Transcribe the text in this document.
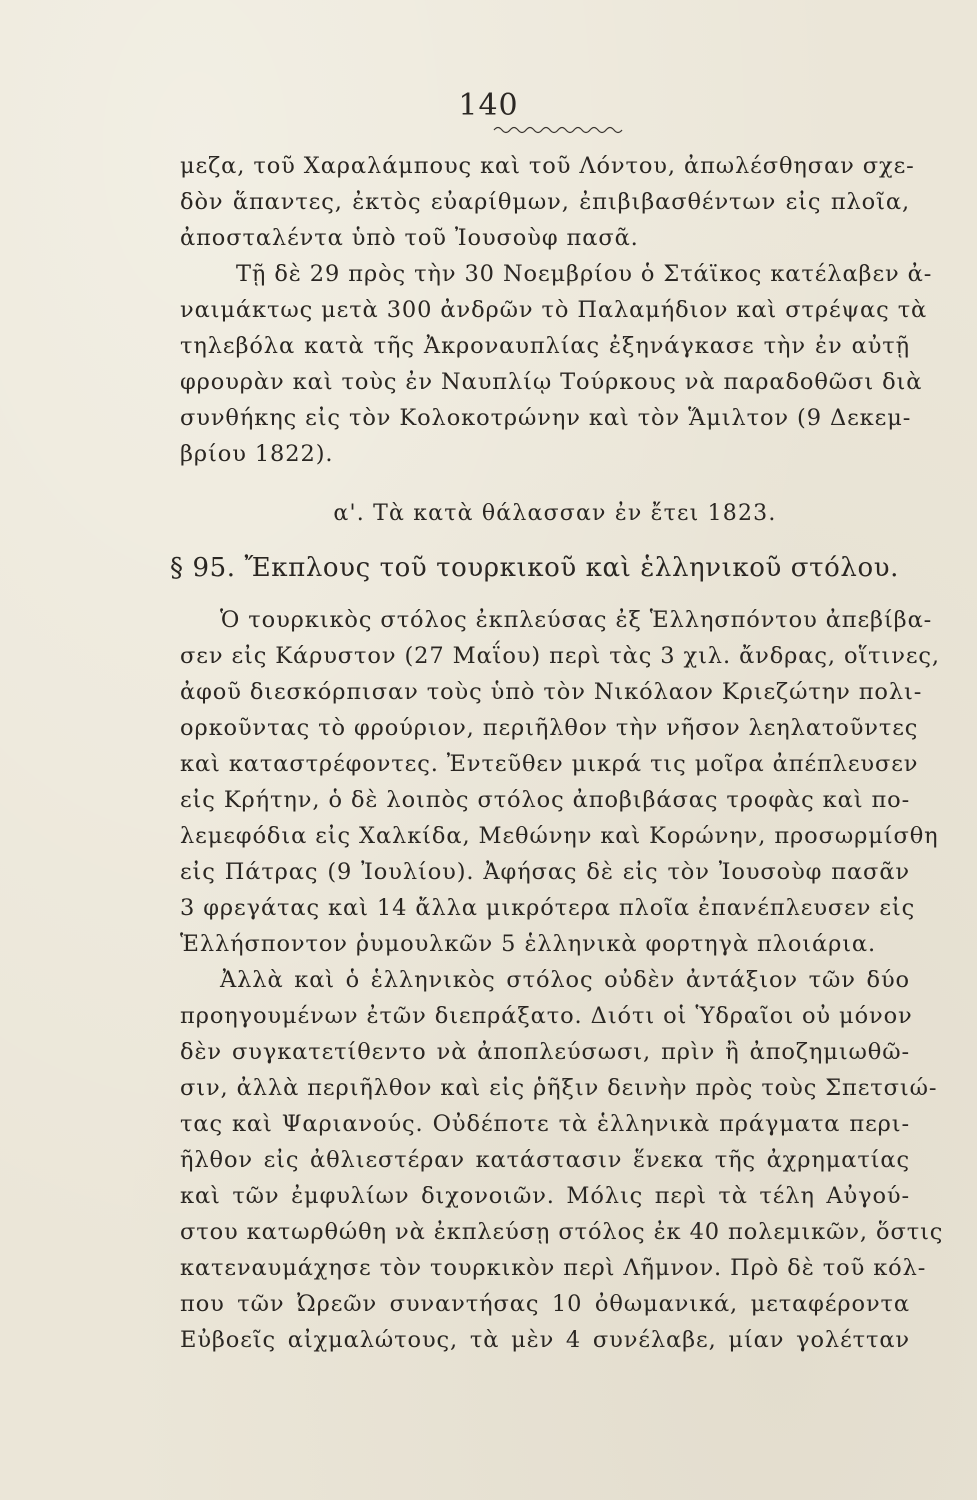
140
μεζα, τοῦ Χαραλάμπους καὶ τοῦ Λόντου, ἀπωλέσθησαν σχε-
δὸν ἅπαντες, ἐκτὸς εὐαρίθμων, ἐπιβιβασθέντων εἰς πλοῖα,
ἀποσταλέντα ὑπὸ τοῦ Ἰουσοὺφ πασᾶ.
Τῇ δὲ 29 πρὸς τὴν 30 Νοεμβρίου ὁ Στάϊκος κατέλαβεν ἀ-
ναιμάκτως μετὰ 300 ἀνδρῶν τὸ Παλαμήδιον καὶ στρέψας τὰ
τηλεβόλα κατὰ τῆς Ἀκροναυπλίας ἐξηνάγκασε τὴν ἐν αὐτῇ
φρουρὰν καὶ τοὺς ἐν Ναυπλίῳ Τούρκους νὰ παραδοθῶσι διὰ
συνθήκης εἰς τὸν Κολοκοτρώνην καὶ τὸν Ἅμιλτον (9 Δεκεμ-
βρίου 1822).
α'. Τὰ κατὰ θάλασσαν ἐν ἔτει 1823.
§ 95. Ἔκπλους τοῦ τουρκικοῦ καὶ ἑλληνικοῦ στόλου.
Ὁ τουρκικὸς στόλος ἐκπλεύσας ἐξ Ἑλλησπόντου ἀπεβίβα-
σεν εἰς Κάρυστον (27 Μαΐου) περὶ τὰς 3 χιλ. ἄνδρας, οἵτινες,
ἀφοῦ διεσκόρπισαν τοὺς ὑπὸ τὸν Νικόλαον Κριεζώτην πολι-
ορκοῦντας τὸ φρούριον, περιῆλθον τὴν νῆσον λεηλατοῦντες
καὶ καταστρέφοντες. Ἐντεῦθεν μικρά τις μοῖρα ἀπέπλευσεν
εἰς Κρήτην, ὁ δὲ λοιπὸς στόλος ἀποβιβάσας τροφὰς καὶ πο-
λεμεφόδια εἰς Χαλκίδα, Μεθώνην καὶ Κορώνην, προσωρμίσθη
εἰς Πάτρας (9 Ἰουλίου). Ἀφήσας δὲ εἰς τὸν Ἰουσοὺφ πασᾶν
3 φρεγάτας καὶ 14 ἄλλα μικρότερα πλοῖα ἐπανέπλευσεν εἰς
Ἑλλήσποντον ῥυμουλκῶν 5 ἑλληνικὰ φορτηγὰ πλοιάρια.
Ἀλλὰ καὶ ὁ ἑλληνικὸς στόλος οὐδὲν ἀντάξιον τῶν δύο
προηγουμένων ἐτῶν διεπράξατο. Διότι οἱ Ὑδραῖοι οὐ μόνον
δὲν συγκατετίθεντο νὰ ἀποπλεύσωσι, πρὶν ἢ ἀποζημιωθῶ-
σιν, ἀλλὰ περιῆλθον καὶ εἰς ῥῆξιν δεινὴν πρὸς τοὺς Σπετσιώ-
τας καὶ Ψαριανούς. Οὐδέποτε τὰ ἑλληνικὰ πράγματα περι-
ῆλθον εἰς ἀθλιεστέραν κατάστασιν ἕνεκα τῆς ἀχρηματίας
καὶ τῶν ἐμφυλίων διχονοιῶν. Μόλις περὶ τὰ τέλη Αὐγού-
στου κατωρθώθη νὰ ἐκπλεύσῃ στόλος ἐκ 40 πολεμικῶν, ὅστις
κατεναυμάχησε τὸν τουρκικὸν περὶ Λῆμνον. Πρὸ δὲ τοῦ κόλ-
που τῶν Ὠρεῶν συναντήσας 10 ὀθωμανικά, μεταφέροντα
Εὐβοεῖς αἰχμαλώτους, τὰ μὲν 4 συνέλαβε, μίαν γολέτταν
